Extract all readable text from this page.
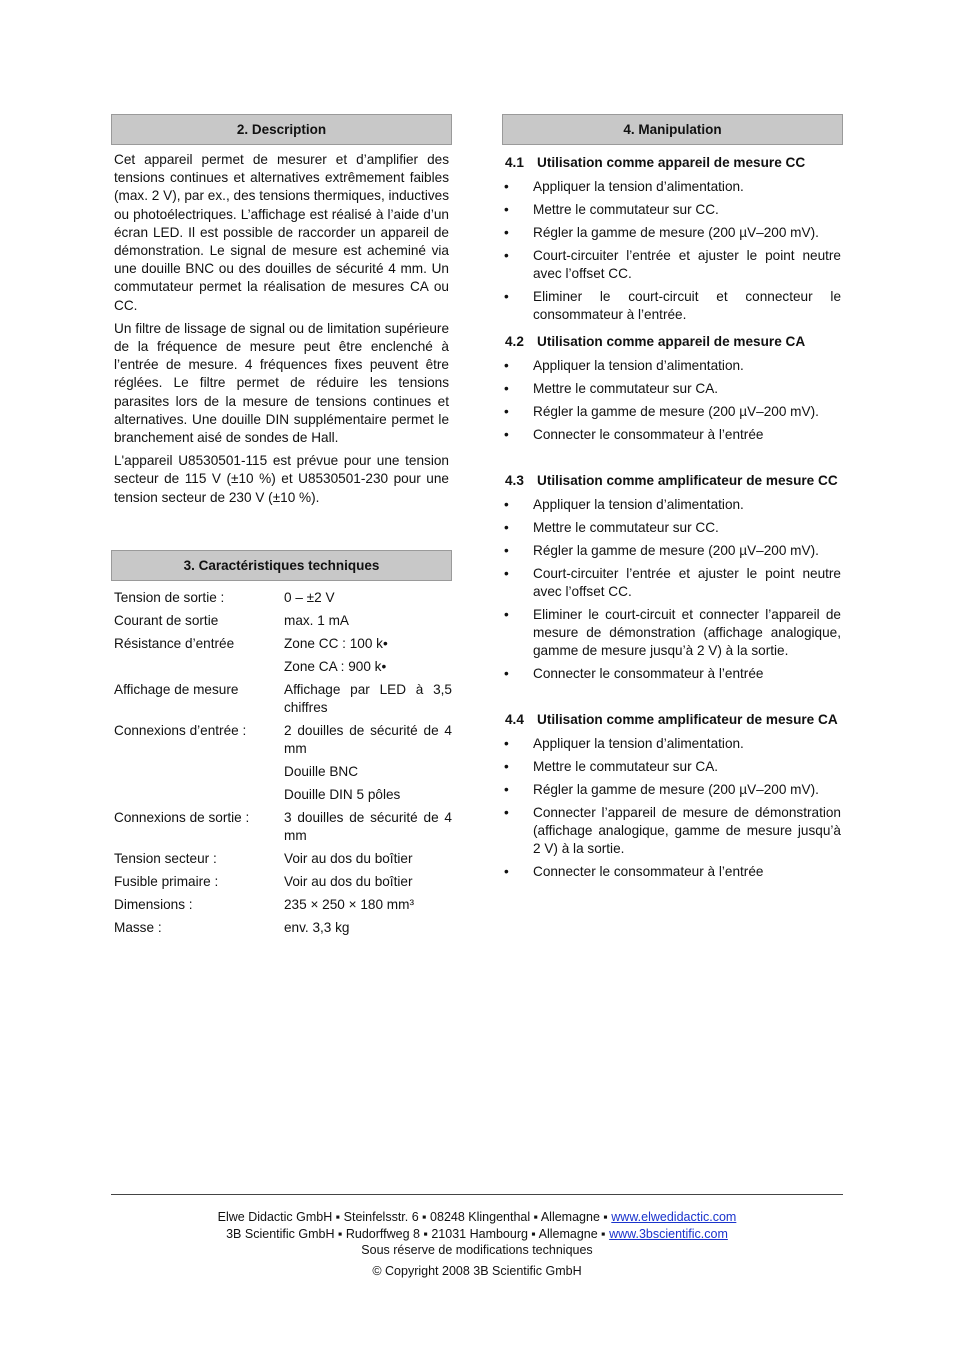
2. Description

Cet appareil permet de mesurer et d’amplifier des tensions continues et alternatives extrêmement faibles (max. 2 V), par ex., des tensions thermiques, inductives ou photoélectriques. L’affichage est réalisé à l’aide d’un écran LED. Il est possible de raccorder un appareil de démonstration. Le signal de mesure est acheminé via une douille BNC ou des douilles de sécurité 4 mm. Un commutateur permet la réalisation de mesures CA ou CC.

Un filtre de lissage de signal ou de limitation supérieure de la fréquence de mesure peut être enclenché à l’entrée de mesure. 4 fréquences fixes peuvent être réglées. Le filtre permet de réduire les tensions parasites lors de la mesure de tensions continues et alternatives. Une douille DIN supplémentaire permet le branchement aisé de sondes de Hall.

L'appareil U8530501-115 est prévue pour une tension secteur de 115 V (±10 %) et U8530501-230 pour une tension secteur de 230 V (±10 %).

3. Caractéristiques techniques
Tension de sortie :	0 – ±2 V
Courant de sortie	max. 1 mA
Résistance d’entrée	Zone CC : 100 k•
	Zone CA : 900 k•
Affichage de mesure	Affichage par LED à 3,5 chiffres
Connexions d’entrée :	2 douilles de sécurité de 4 mm
	Douille BNC
	Douille DIN 5 pôles
Connexions de sortie :	3 douilles de sécurité de 4 mm
Tension secteur :	Voir au dos du boîtier
Fusible primaire :	Voir au dos du boîtier
Dimensions :	235 × 250 × 180 mm³
Masse :	env. 3,3 kg
4. Manipulation
4.1 Utilisation comme appareil de mesure CC
• Appliquer la tension d’alimentation.
• Mettre le commutateur sur CC.
• Régler la gamme de mesure (200 µV–200 mV).
• Court-circuiter l’entrée et ajuster le point neutre avec l’offset CC.
• Eliminer le court-circuit et connecteur le consommateur à l’entrée.
4.2 Utilisation comme appareil de mesure CA
• Appliquer la tension d’alimentation.
• Mettre le commutateur sur CA.
• Régler la gamme de mesure (200 µV–200 mV).
• Connecter le consommateur à l’entrée
4.3 Utilisation comme amplificateur de mesure CC
• Appliquer la tension d’alimentation.
• Mettre le commutateur sur CC.
• Régler la gamme de mesure (200 µV–200 mV).
• Court-circuiter l’entrée et ajuster le point neutre avec l’offset CC.
• Eliminer le court-circuit et connecter l’appareil de mesure de démonstration (affichage analogique, gamme de mesure jusqu’à 2 V) à la sortie.
• Connecter le consommateur à l’entrée
4.4 Utilisation comme amplificateur de mesure CA
• Appliquer la tension d’alimentation.
• Mettre le commutateur sur CA.
• Régler la gamme de mesure (200 µV–200 mV).
• Connecter l’appareil de mesure de démonstration (affichage analogique, gamme de mesure jusqu’à 2 V) à la sortie.
• Connecter le consommateur à l’entrée
Elwe Didactic GmbH ▪ Steinfelsstr. 6 ▪ 08248 Klingenthal ▪ Allemagne ▪ www.elwedidactic.com
3B Scientific GmbH ▪ Rudorffweg 8 ▪ 21031 Hambourg ▪ Allemagne ▪ www.3bscientific.com
Sous réserve de modifications techniques
© Copyright 2008 3B Scientific GmbH
